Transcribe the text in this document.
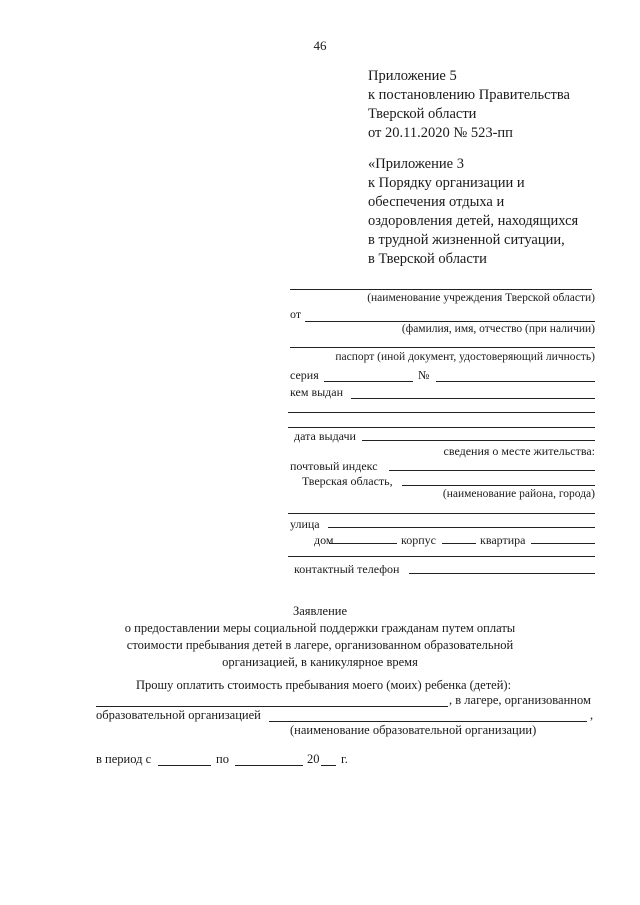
46
Приложение 5
к постановлению Правительства
Тверской области
от 20.11.2020 № 523-пп
«Приложение 3
к Порядку организации и
обеспечения отдыха и
оздоровления детей, находящихся
в трудной жизненной ситуации,
в Тверской области
(наименование учреждения Тверской области)
от
(фамилия, имя, отчество (при наличии)
паспорт (иной документ, удостоверяющий личность)
серия	№
кем выдан
дата выдачи
сведения о месте жительства:
почтовый индекс
Тверская область,
(наименование района, города)
улица
дом	корпус	квартира
контактный телефон
Заявление
о предоставлении меры социальной поддержки гражданам путем оплаты
стоимости пребывания детей в лагере, организованном образовательной
организацией, в каникулярное время
Прошу оплатить стоимость пребывания моего (моих) ребенка (детей):
, в лагере, организованном
образовательной организацией	,
(наименование образовательной организации)
в период с	по	20 г.
